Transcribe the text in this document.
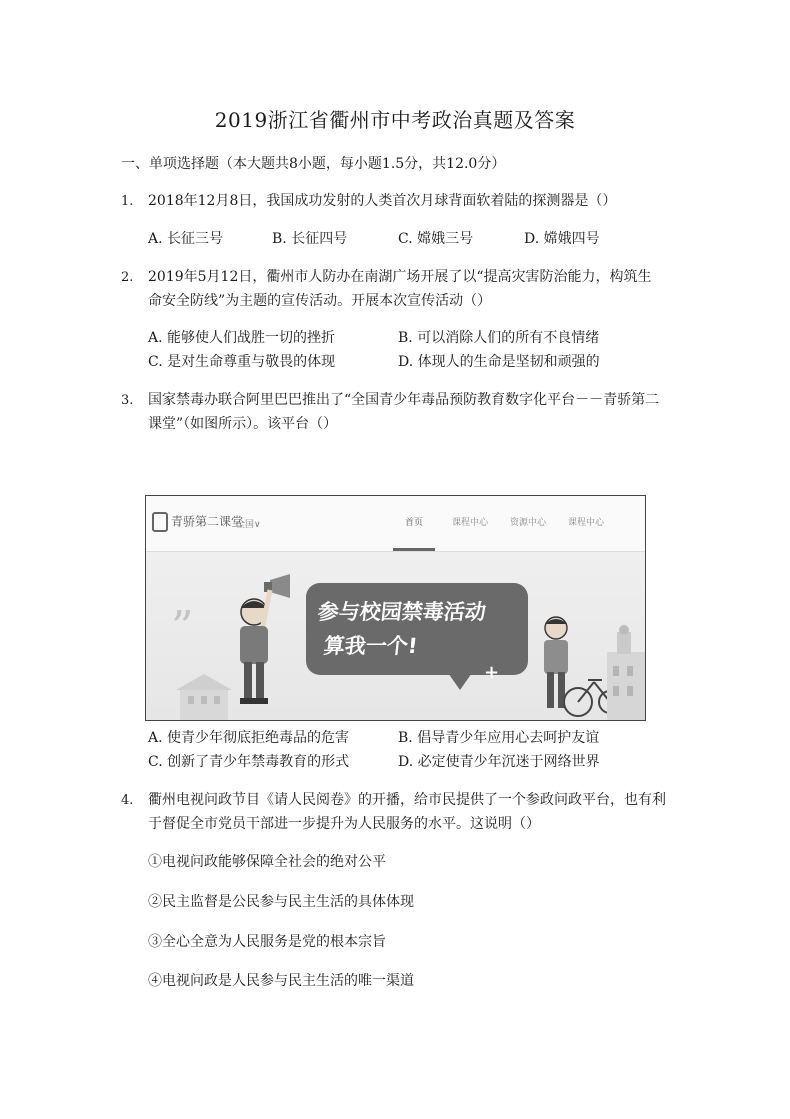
2019浙江省衢州市中考政治真题及答案
一、单项选择题（本大题共8小题，每小题1.5分，共12.0分）
1. 2018年12月8日，我国成功发射的人类首次月球背面软着陆的探测器是（）
A. 长征三号	B. 长征四号	C. 嫦娥三号	D. 嫦娥四号
2. 2019年5月12日，衢州市人防办在南湖广场开展了以“提高灾害防治能力，构筑生
命安全防线”为主题的宣传活动。开展本次宣传活动（）
A. 能够使人们战胜一切的挫折	B. 可以消除人们的所有不良情绪
C. 是对生命尊重与敬畏的体现	D. 体现人的生命是坚韧和顽强的
3. 国家禁毒办联合阿里巴巴推出了“全国青少年毒品预防教育数字化平台－－青骄第二
课堂”（如图所示）。该平台（）
青骄第二课堂
全国∨	首页	课程中心 资源中心 课程中心
”	参与校园禁毒活动
算我一个!
+
A. 使青少年彻底拒绝毒品的危害	B. 倡导青少年应用心去呵护友谊
C. 创新了青少年禁毒教育的形式	D. 必定使青少年沉迷于网络世界
4. 衢州电视问政节目《请人民阅卷》的开播，给市民提供了一个参政问政平台，也有利
于督促全市党员干部进一步提升为人民服务的水平。这说明（）
①电视问政能够保障全社会的绝对公平
②民主监督是公民参与民主生活的具体体现
③全心全意为人民服务是党的根本宗旨
④电视问政是人民参与民主生活的唯一渠道
